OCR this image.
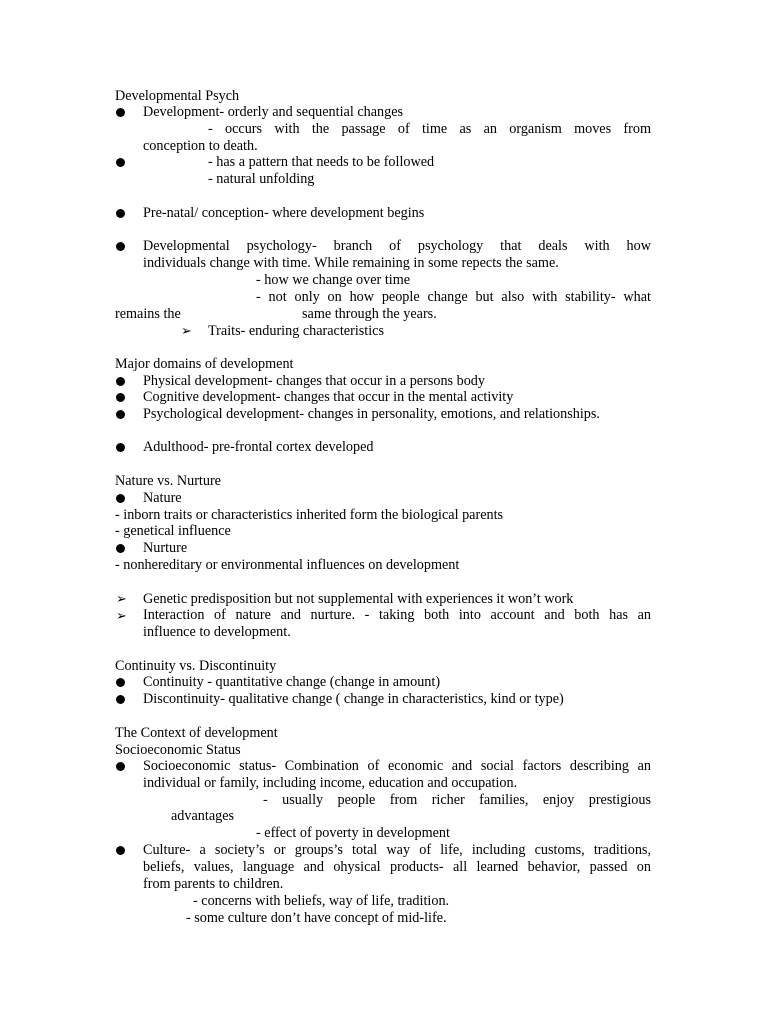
Developmental Psych

Development- orderly and sequential changes

- occurs with the passage of time as an organism moves from

conception to death.

- has a pattern that needs to be followed

- natural unfolding

Pre-natal/ conception- where development begins

Developmental psychology- branch of psychology that deals with how

individuals change with time. While remaining in some repects the same.

- how we change over time

- not only on how people change but also with stability- what

remains the	same through the years.

➢ Traits- enduring characteristics

Major domains of development

Physical development- changes that occur in a persons body

Cognitive development- changes that occur in the mental activity

Psychological development- changes in personality, emotions, and relationships.

Adulthood- pre-frontal cortex developed

Nature vs. Nurture

Nature

- inborn traits or characteristics inherited form the biological parents

- genetical influence

Nurture

- nonhereditary or environmental influences on development

➢ Genetic predisposition but not supplemental with experiences it won’t work

➢ Interaction of nature and nurture. - taking both into account and both has an

influence to development.

Continuity vs. Discontinuity

Continuity - quantitative change (change in amount)

Discontinuity- qualitative change ( change in characteristics, kind or type)

The Context of development

Socioeconomic Status

Socioeconomic status- Combination of economic and social factors describing an

individual or family, including income, education and occupation.

- usually people from richer families, enjoy prestigious

advantages

- effect of poverty in development

Culture- a society’s or groups’s total way of life, including customs, traditions,

beliefs, values, language and ohysical products- all learned behavior, passed on

from parents to children.

- concerns with beliefs, way of life, tradition.

- some culture don’t have concept of mid-life.
